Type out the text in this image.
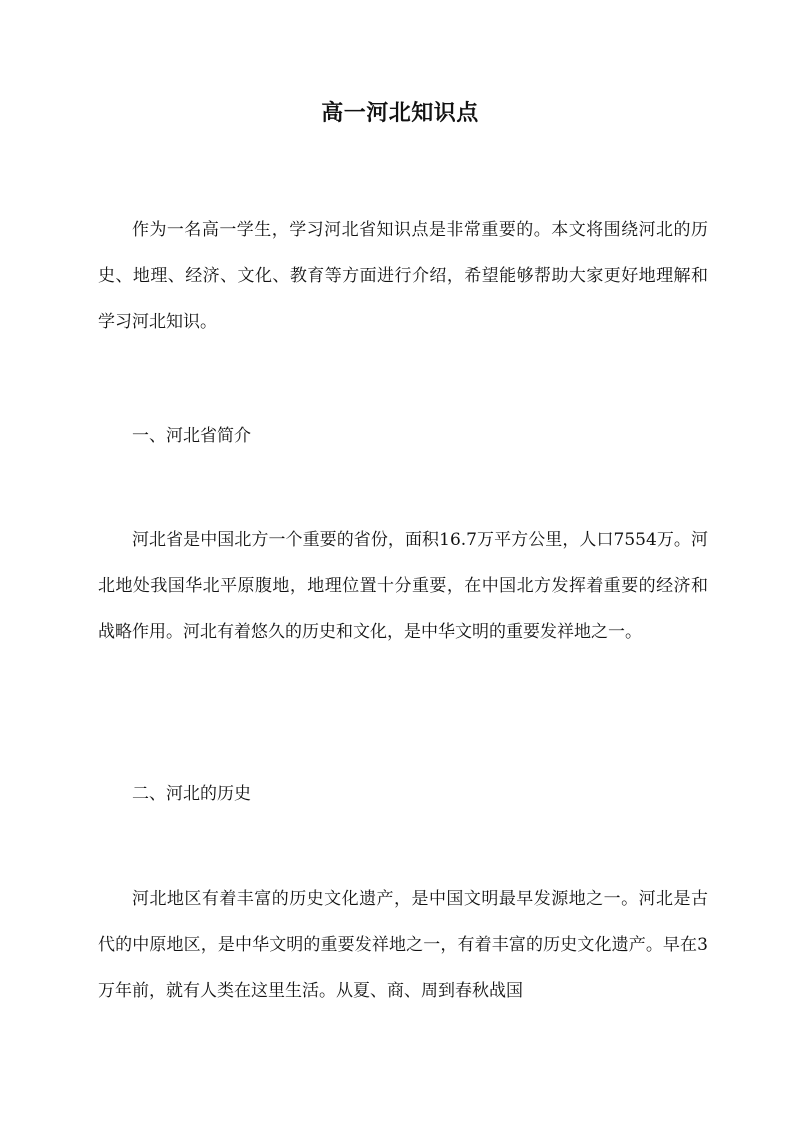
高一河北知识点

作为一名高一学生，学习河北省知识点是非常重要的。本文将围绕河北的历史、地理、经济、文化、教育等方面进行介绍，希望能够帮助大家更好地理解和学习河北知识。

一、河北省简介

河北省是中国北方一个重要的省份，面积16.7万平方公里，人口7554万。河北地处我国华北平原腹地，地理位置十分重要，在中国北方发挥着重要的经济和战略作用。河北有着悠久的历史和文化，是中华文明的重要发祥地之一。

二、河北的历史

河北地区有着丰富的历史文化遗产，是中国文明最早发源地之一。河北是古代的中原地区，是中华文明的重要发祥地之一，有着丰富的历史文化遗产。早在3万年前，就有人类在这里生活。从夏、商、周到春秋战国
